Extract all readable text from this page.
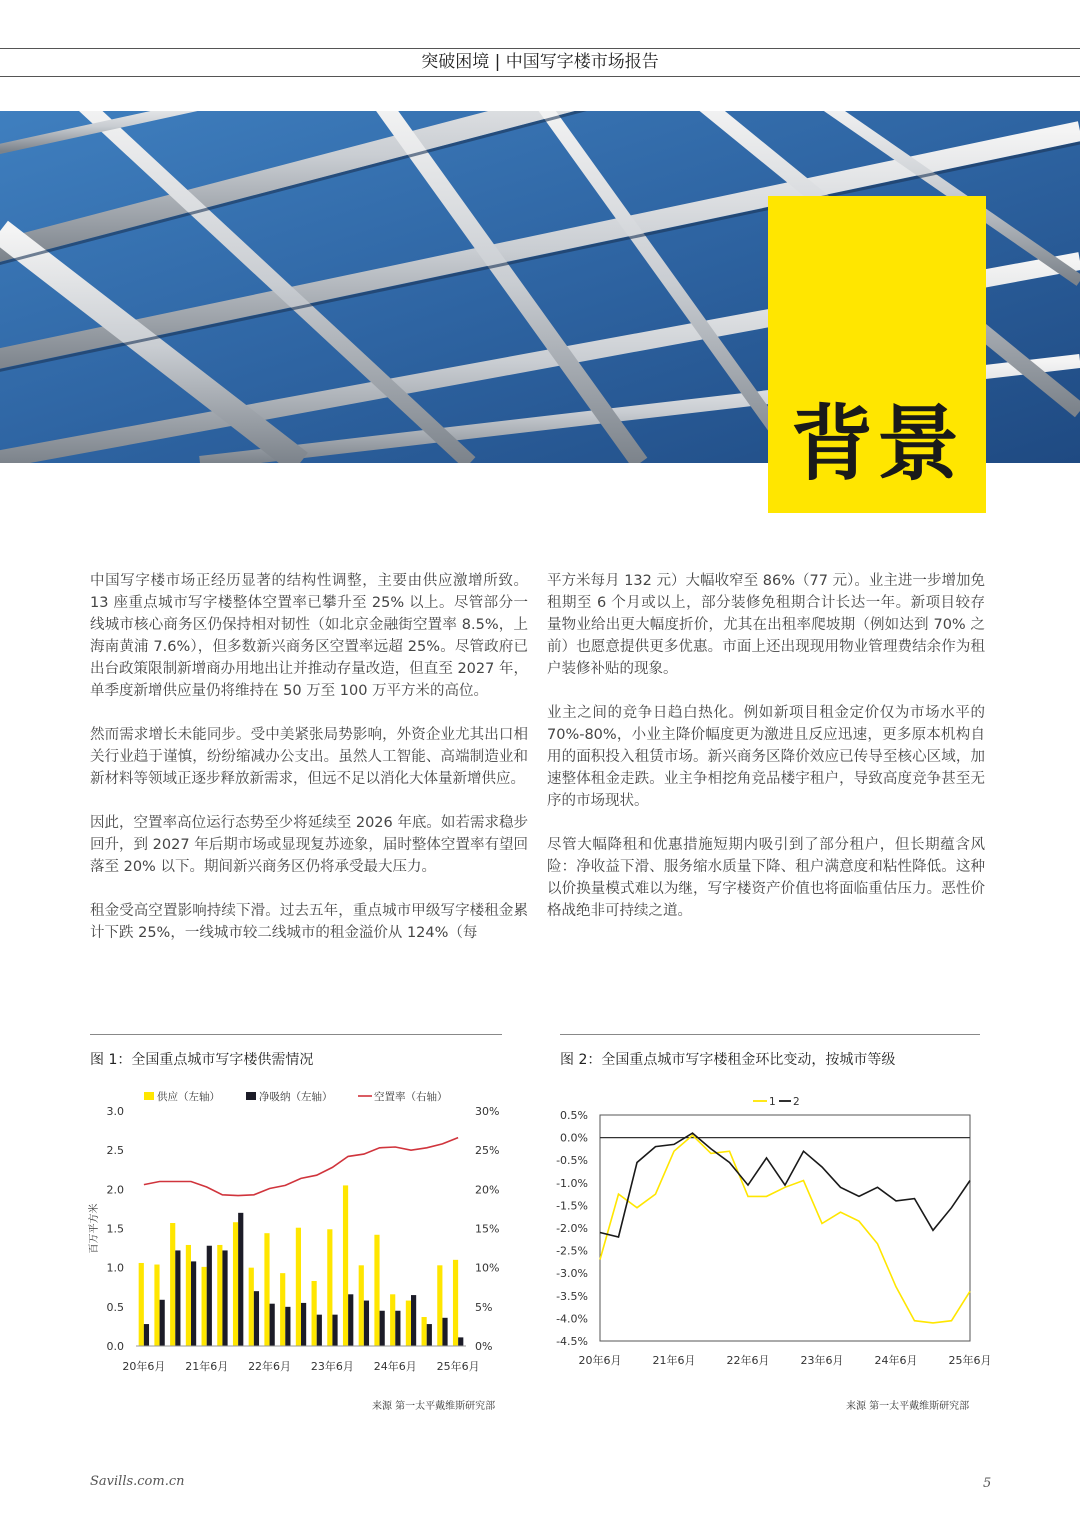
突破困境 | 中国写字楼市场报告
背景

中国写字楼市场正经历显著的结构性调整，主要由供应激增所致。13 座重点城市写字楼整体空置率已攀升至 25% 以上。尽管部分一线城市核心商务区仍保持相对韧性（如北京金融街空置率 8.5%，上海南黄浦 7.6%），但多数新兴商务区空置率远超 25%。尽管政府已出台政策限制新增商办用地出让并推动存量改造，但直至 2027 年，单季度新增供应量仍将维持在 50 万至 100 万平方米的高位。

然而需求增长未能同步。受中美紧张局势影响，外资企业尤其出口相关行业趋于谨慎，纷纷缩减办公支出。虽然人工智能、高端制造业和新材料等领域正逐步释放新需求，但远不足以消化大体量新增供应。

因此，空置率高位运行态势至少将延续至 2026 年底。如若需求稳步回升，到 2027 年后期市场或显现复苏迹象，届时整体空置率有望回落至 20% 以下。期间新兴商务区仍将承受最大压力。

租金受高空置影响持续下滑。过去五年，重点城市甲级写字楼租金累计下跌 25%，一线城市较二线城市的租金溢价从 124%（每

平方米每月 132 元）大幅收窄至 86%（77 元）。业主进一步增加免租期至 6 个月或以上，部分装修免租期合计长达一年。新项目较存量物业给出更大幅度折价，尤其在出租率爬坡期（例如达到 70% 之前）也愿意提供更多优惠。市面上还出现现用物业管理费结余作为租户装修补贴的现象。

业主之间的竞争日趋白热化。例如新项目租金定价仅为市场水平的 70%-80%，小业主降价幅度更为激进且反应迅速，更多原本机构自用的面积投入租赁市场。新兴商务区降价效应已传导至核心区域，加速整体租金走跌。业主争相挖角竞品楼宇租户，导致高度竞争甚至无序的市场现状。

尽管大幅降租和优惠措施短期内吸引到了部分租户，但长期蕴含风险：净收益下滑、服务缩水质量下降、租户满意度和粘性降低。这种以价换量模式难以为继，写字楼资产价值也将面临重估压力。恶性价格战绝非可持续之道。

图 1：全国重点城市写字楼供需情况
供应（左轴）	净吸纳（左轴）	空置率（右轴）
0.0
0.5
1.0
1.5
2.0
2.5
3.0
0%
5%
10%
15%
20%
25%
30%
百万平方米
20年6月 21年6月 22年6月 23年6月 24年6月 25年6月
来源 第一太平戴维斯研究部
图 2：全国重点城市写字楼租金环比变动，按城市等级
1 2
0.5%
0.0%
-0.5%
-1.0%
-1.5%
-2.0%
-2.5%
-3.0%
-3.5%
-4.0%
-4.5%
20年6月	21年6月	22年6月	23年6月	24年6月	25年6月
来源 第一太平戴维斯研究部
Savills.com.cn	5
